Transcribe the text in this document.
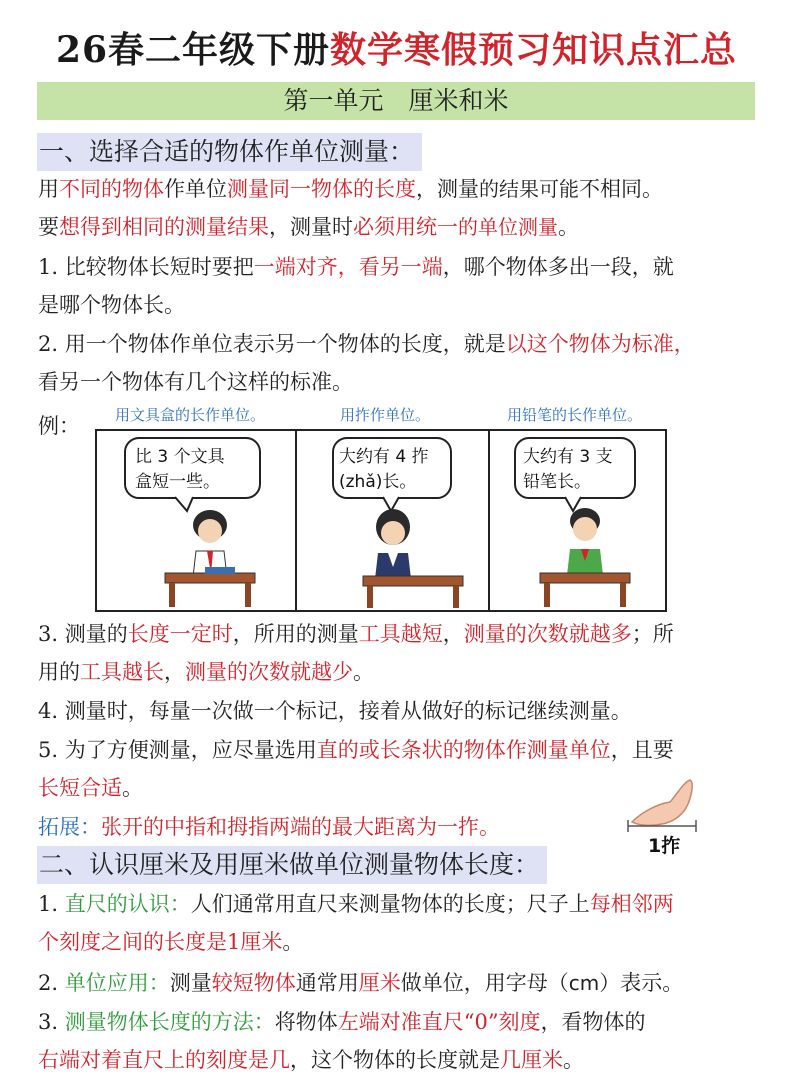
26春二年级下册数学寒假预习知识点汇总
第一单元　厘米和米
一、选择合适的物体作单位测量：
用不同的物体作单位测量同一物体的长度，测量的结果可能不相同。
要想得到相同的测量结果，测量时必须用统一的单位测量。
1. 比较物体长短时要把一端对齐，看另一端，哪个物体多出一段，就
是哪个物体长。
2. 用一个物体作单位表示另一个物体的长度，就是以这个物体为标准，
看另一个物体有几个这样的标准。
例： 用文具盒的长作单位。	用拃作单位。	用铅笔的长作单位。
比 3 个文具
盒短一些。
大约有 4 拃
(zhǎ)长。
大约有 3 支
铅笔长。
3. 测量的长度一定时，所用的测量工具越短，测量的次数就越多；所
用的工具越长，测量的次数就越少。
4. 测量时，每量一次做一个标记，接着从做好的标记继续测量。
5. 为了方便测量，应尽量选用直的或长条状的物体作测量单位，且要
长短合适。
拓展：张开的中指和拇指两端的最大距离为一拃。
1拃
二、认识厘米及用厘米做单位测量物体长度：
1. 直尺的认识：人们通常用直尺来测量物体的长度；尺子上每相邻两
个刻度之间的长度是1厘米。
2. 单位应用：测量较短物体通常用厘米做单位，用字母（cm）表示。
3. 测量物体长度的方法：将物体左端对准直尺“0”刻度，看物体的
右端对着直尺上的刻度是几，这个物体的长度就是几厘米。
